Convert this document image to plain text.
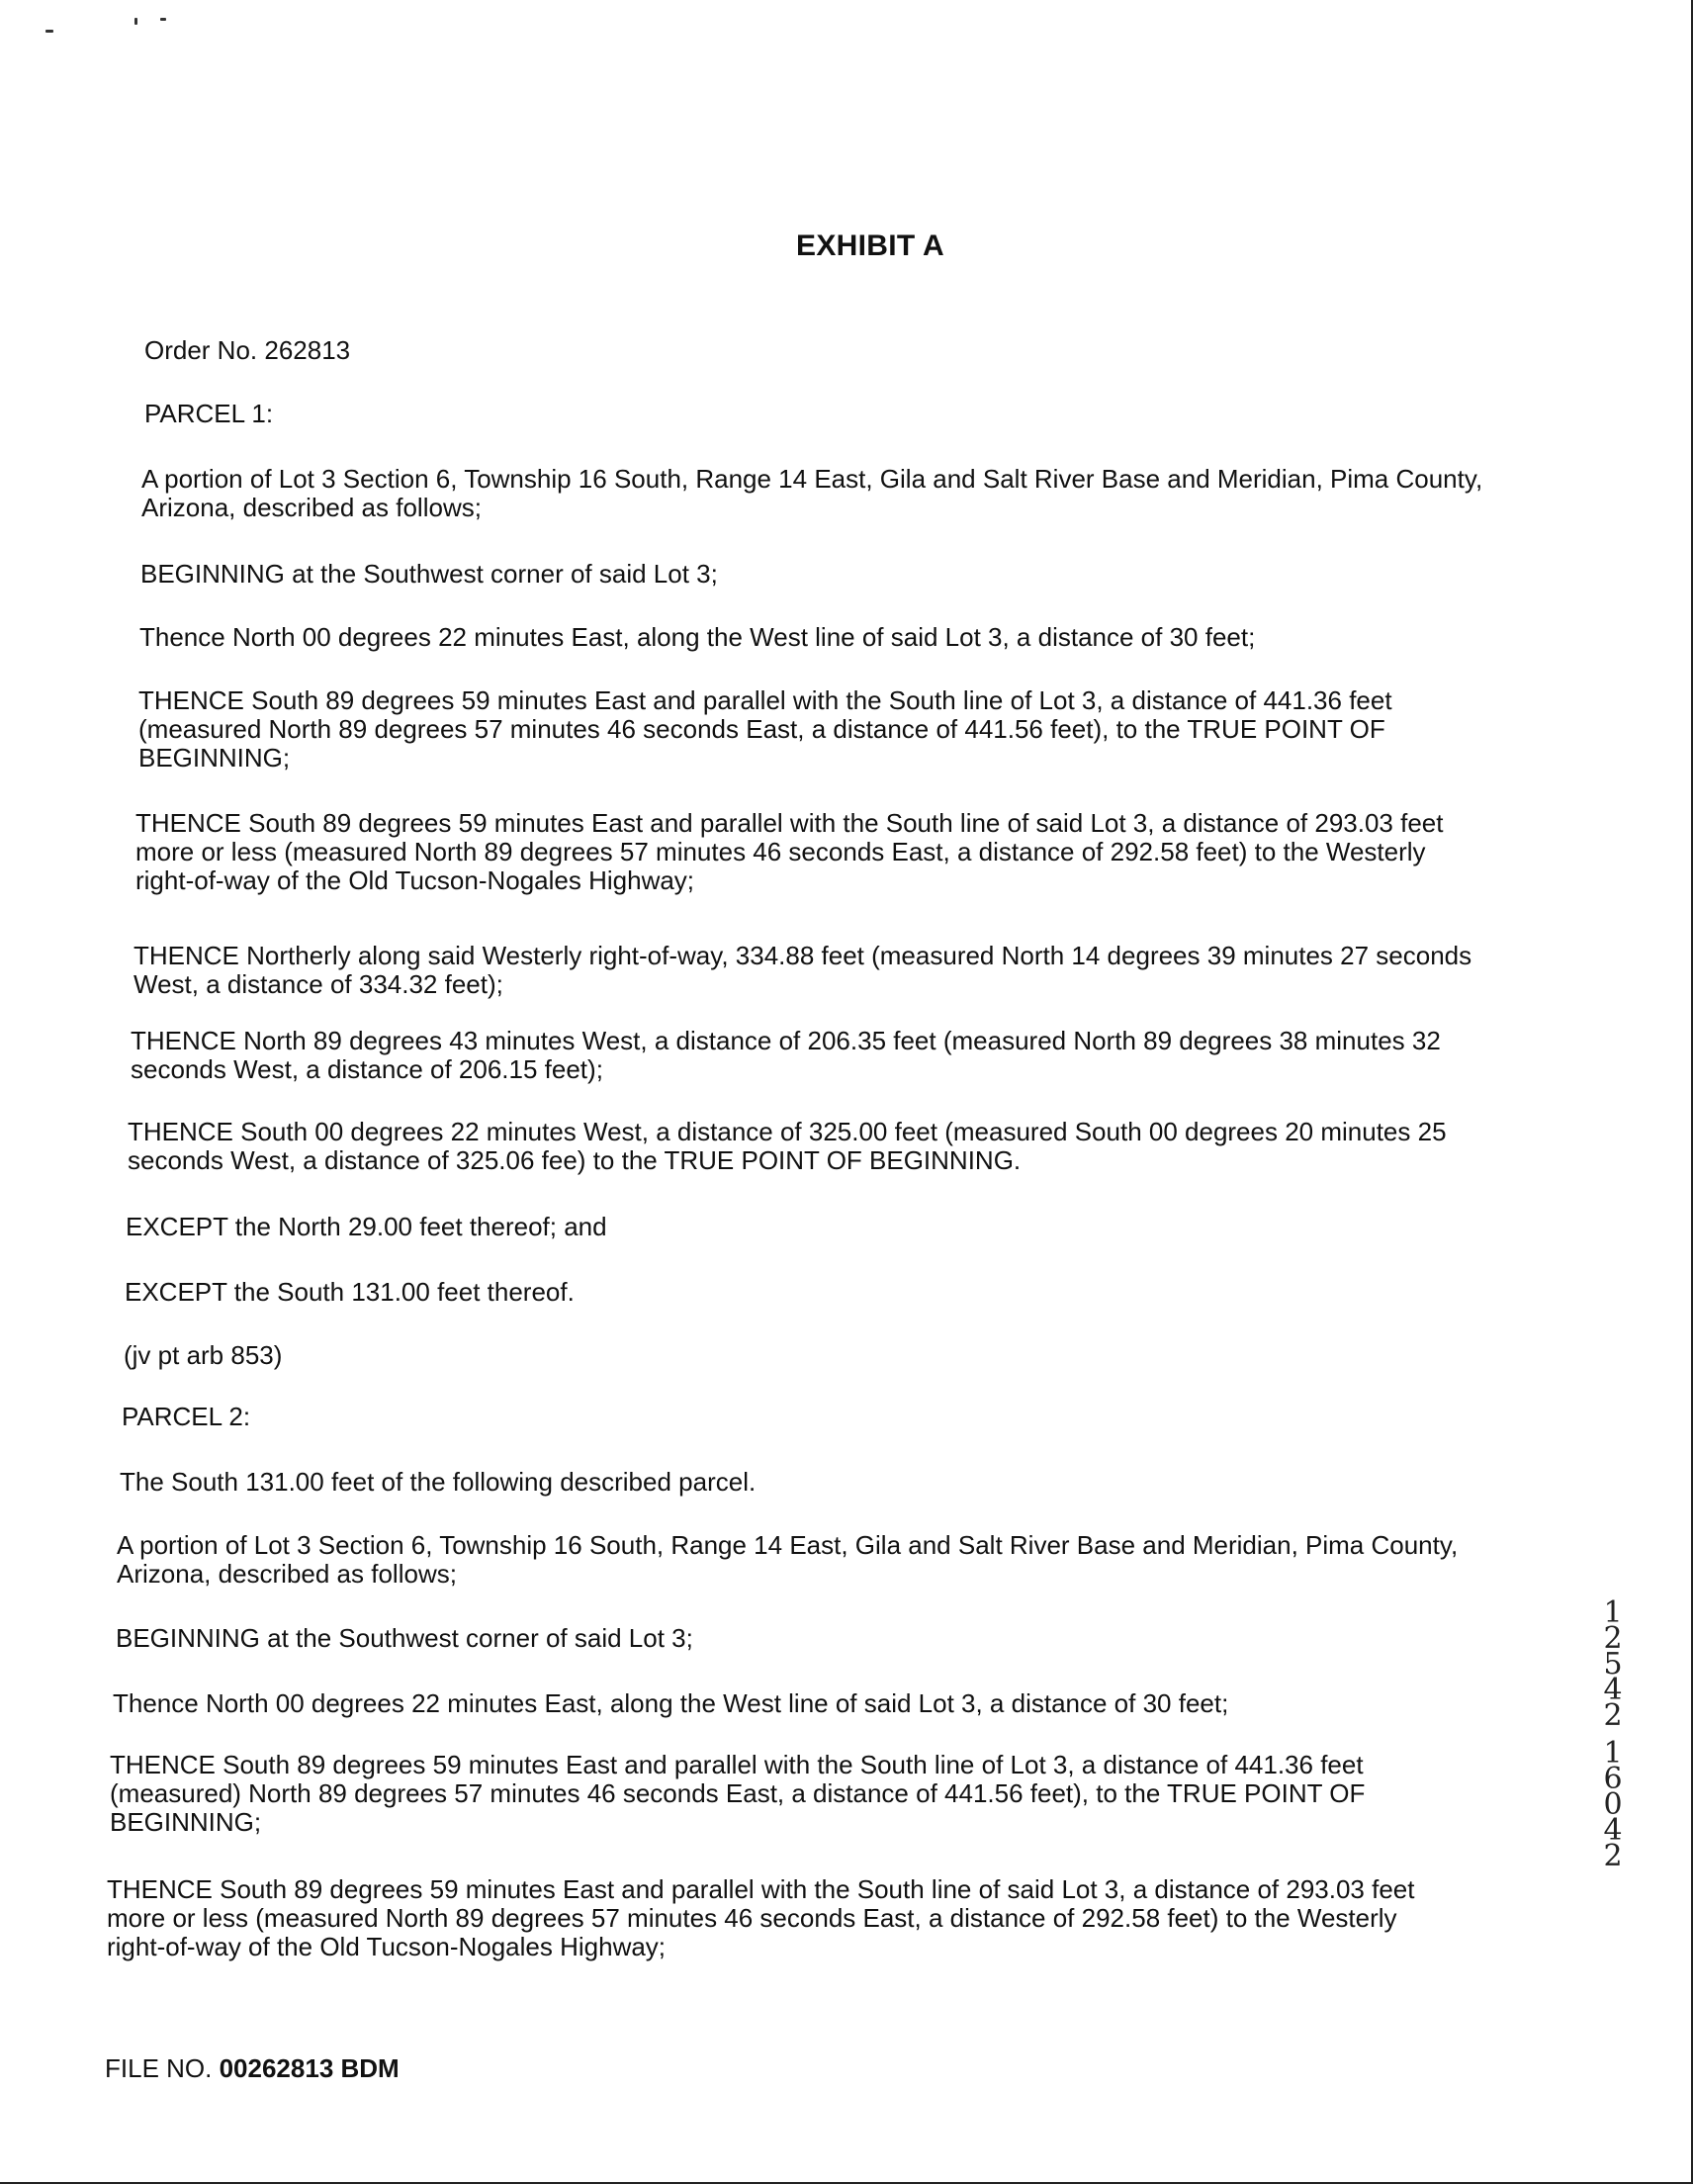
EXHIBIT A
Order No. 262813
PARCEL 1:
A portion of Lot 3 Section 6, Township 16 South, Range 14 East, Gila and Salt River Base and Meridian, Pima County,
Arizona, described as follows;
BEGINNING at the Southwest corner of said Lot 3;
Thence North 00 degrees 22 minutes East, along the West line of said Lot 3, a distance of 30 feet;
THENCE South 89 degrees 59 minutes East and parallel with the South line of Lot 3, a distance of 441.36 feet
(measured North 89 degrees 57 minutes 46 seconds East, a distance of 441.56 feet), to the TRUE POINT OF
BEGINNING;
THENCE South 89 degrees 59 minutes East and parallel with the South line of said Lot 3, a distance of 293.03 feet
more or less (measured North 89 degrees 57 minutes 46 seconds East, a distance of 292.58 feet) to the Westerly
right-of-way of the Old Tucson-Nogales Highway;
THENCE Northerly along said Westerly right-of-way, 334.88 feet (measured North 14 degrees 39 minutes 27 seconds
West, a distance of 334.32 feet);
THENCE North 89 degrees 43 minutes West, a distance of 206.35 feet (measured North 89 degrees 38 minutes 32
seconds West, a distance of 206.15 feet);
THENCE South 00 degrees 22 minutes West, a distance of 325.00 feet (measured South 00 degrees 20 minutes 25
seconds West, a distance of 325.06 fee) to the TRUE POINT OF BEGINNING.
EXCEPT the North 29.00 feet thereof; and
EXCEPT the South 131.00 feet thereof.
(jv pt arb 853)
PARCEL 2:
The South 131.00 feet of the following described parcel.
A portion of Lot 3 Section 6, Township 16 South, Range 14 East, Gila and Salt River Base and Meridian, Pima County,
Arizona, described as follows;
BEGINNING at the Southwest corner of said Lot 3;
Thence North 00 degrees 22 minutes East, along the West line of said Lot 3, a distance of 30 feet;
THENCE South 89 degrees 59 minutes East and parallel with the South line of Lot 3, a distance of 441.36 feet
(measured) North 89 degrees 57 minutes 46 seconds East, a distance of 441.56 feet), to the TRUE POINT OF
BEGINNING;
THENCE South 89 degrees 59 minutes East and parallel with the South line of said Lot 3, a distance of 293.03 feet
more or less (measured North 89 degrees 57 minutes 46 seconds East, a distance of 292.58 feet) to the Westerly
right-of-way of the Old Tucson-Nogales Highway;
FILE NO. 00262813 BDM
1
2
5
4
2
1
6
0
4
2
